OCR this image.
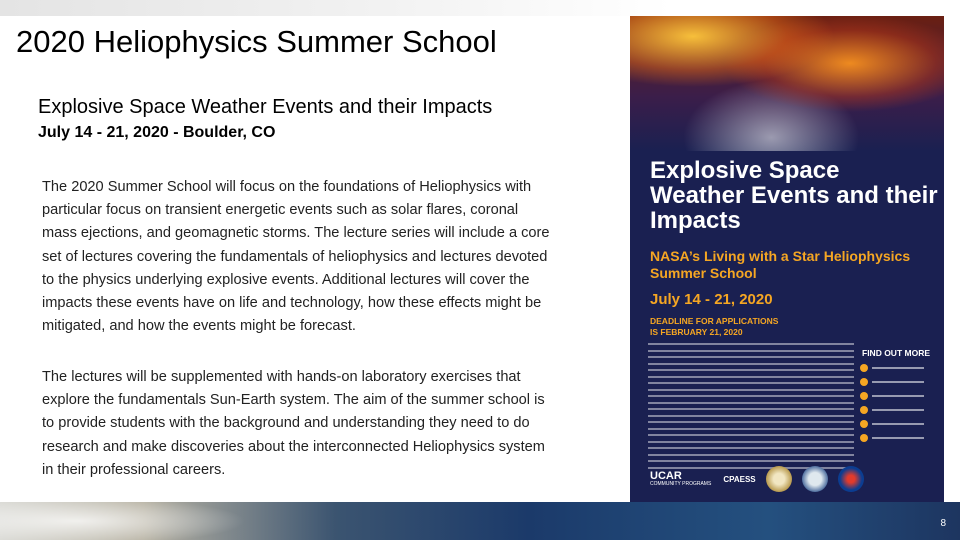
2020 Heliophysics Summer School
Explosive Space Weather Events and their Impacts
July 14 - 21, 2020 - Boulder, CO

The 2020 Summer School will focus on the foundations of Heliophysics with particular focus on transient energetic events such as solar flares, coronal mass ejections, and geomagnetic storms. The lecture series will include a core set of lectures covering the fundamentals of heliophysics and lectures devoted to the physics underlying explosive events. Additional lectures will cover the impacts these events have on life and technology, how these effects might be mitigated, and how the events might be forecast.

The lectures will be supplemented with hands-on laboratory exercises that explore the fundamentals Sun-Earth system. The aim of the summer school is to provide students with the background and understanding they need to do research and make discoveries about the interconnected Heliophysics system in their professional careers.

Explosive Space Weather Events and their Impacts

NASA’s Living with a Star Heliophysics Summer School

July 14 - 21, 2020
DEADLINE FOR APPLICATIONS
IS FEBRUARY 21, 2020
FIND OUT MORE
UCAR
COMMUNITY PROGRAMS
CPAESS
8
